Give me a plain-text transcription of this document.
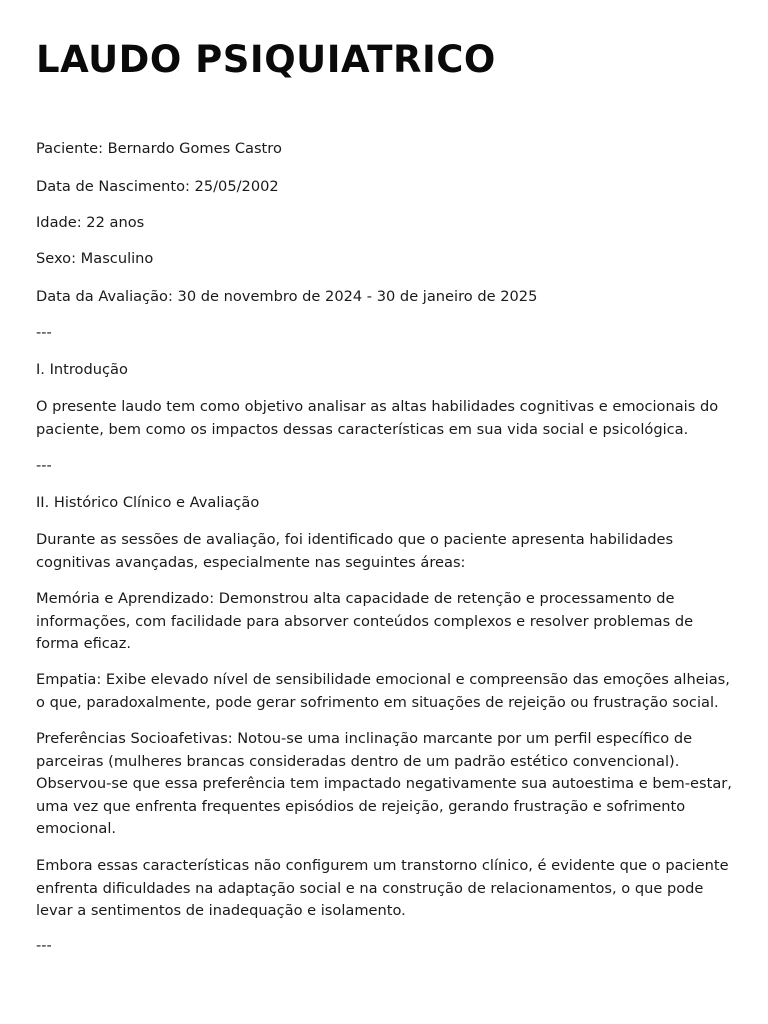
LAUDO PSIQUIATRICO

Paciente: Bernardo Gomes Castro

Data de Nascimento: 25/05/2002

Idade: 22 anos

Sexo: Masculino

Data da Avaliação: 30 de novembro de 2024 - 30 de janeiro de 2025

---

I. Introdução

O presente laudo tem como objetivo analisar as altas habilidades cognitivas e emocionais do paciente, bem como os impactos dessas características em sua vida social e psicológica.

---

II. Histórico Clínico e Avaliação

Durante as sessões de avaliação, foi identificado que o paciente apresenta habilidades cognitivas avançadas, especialmente nas seguintes áreas:

Memória e Aprendizado: Demonstrou alta capacidade de retenção e processamento de informações, com facilidade para absorver conteúdos complexos e resolver problemas de forma eficaz.

Empatia: Exibe elevado nível de sensibilidade emocional e compreensão das emoções alheias, o que, paradoxalmente, pode gerar sofrimento em situações de rejeição ou frustração social.

Preferências Socioafetivas: Notou-se uma inclinação marcante por um perfil específico de parceiras (mulheres brancas consideradas dentro de um padrão estético convencional). Observou-se que essa preferência tem impactado negativamente sua autoestima e bem-estar, uma vez que enfrenta frequentes episódios de rejeição, gerando frustração e sofrimento emocional.

Embora essas características não configurem um transtorno clínico, é evidente que o paciente enfrenta dificuldades na adaptação social e na construção de relacionamentos, o que pode levar a sentimentos de inadequação e isolamento.

---
